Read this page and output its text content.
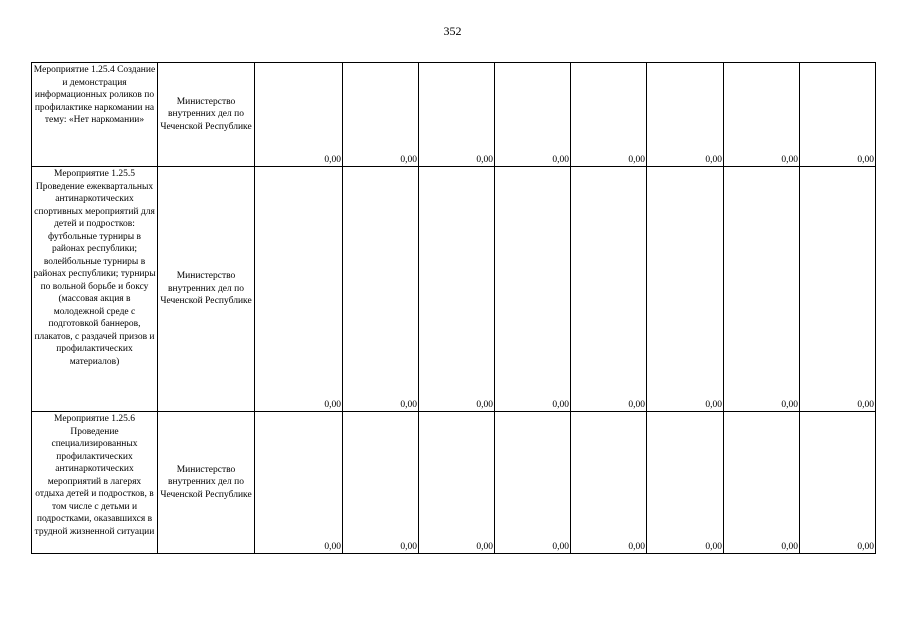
352
Мероприятие 1.25.4 Создание и демонстрация информационных роликов по профилактике наркомании на тему: «Нет наркомании»	Министерство внутренних дел по Чеченской Республике	0,00	0,00	0,00	0,00	0,00	0,00	0,00	0,00
Мероприятие 1.25.5 Проведение ежеквартальных антинаркотических спортивных мероприятий для детей и подростков: футбольные турниры в районах республики; волейбольные турниры в районах республики; турниры по вольной борьбе и боксу (массовая акция в молодежной среде с подготовкой баннеров, плакатов, с раздачей призов и профилактических материалов)	Министерство внутренних дел по Чеченской Республике	0,00	0,00	0,00	0,00	0,00	0,00	0,00	0,00
Мероприятие 1.25.6 Проведение специализированных профилактических антинаркотических мероприятий в лагерях отдыха детей и подростков, в том числе с детьми и подростками, оказавшихся в трудной жизненной ситуации	Министерство внутренних дел по Чеченской Республике	0,00	0,00	0,00	0,00	0,00	0,00	0,00	0,00
